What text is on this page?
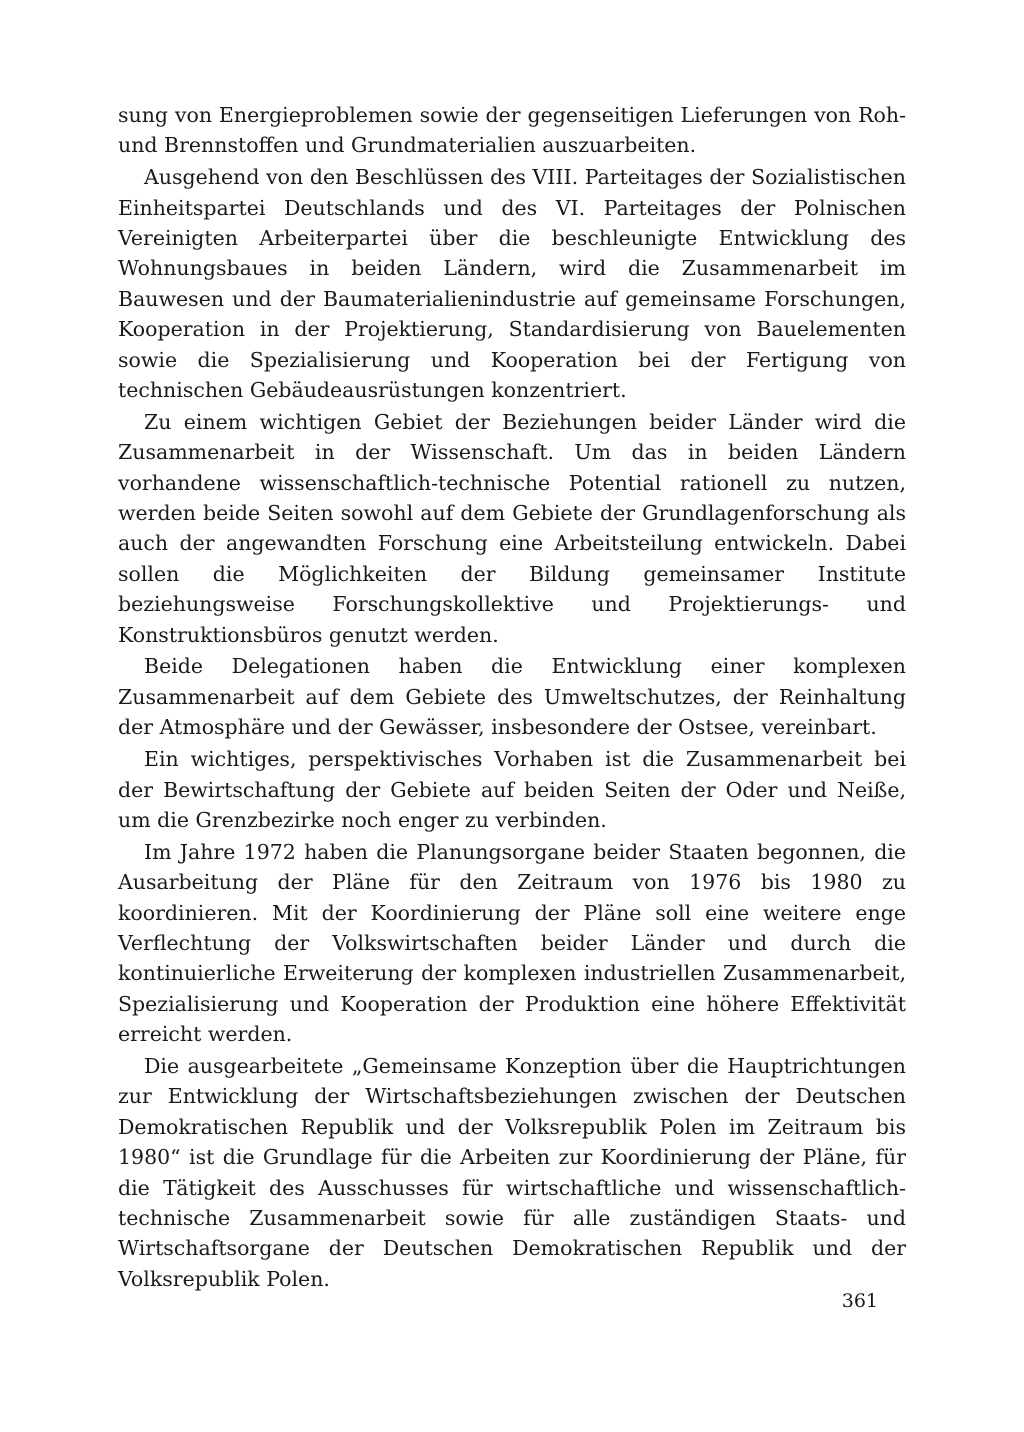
sung von Energieproblemen sowie der gegenseitigen Lieferungen von Roh- und Brennstoffen und Grundmaterialien auszuarbeiten.

Ausgehend von den Beschlüssen des VIII. Parteitages der Sozialistischen Einheitspartei Deutschlands und des VI. Parteitages der Polnischen Vereinigten Arbeiterpartei über die beschleunigte Entwicklung des Wohnungsbaues in beiden Ländern, wird die Zusammenarbeit im Bauwesen und der Baumaterialienindustrie auf gemeinsame Forschungen, Kooperation in der Projektierung, Standardisierung von Bauelementen sowie die Spezialisierung und Kooperation bei der Fertigung von technischen Gebäudeausrüstungen konzentriert.

Zu einem wichtigen Gebiet der Beziehungen beider Länder wird die Zusammenarbeit in der Wissenschaft. Um das in beiden Ländern vorhandene wissenschaftlich-technische Potential rationell zu nutzen, werden beide Seiten sowohl auf dem Gebiete der Grundlagenforschung als auch der angewandten Forschung eine Arbeitsteilung entwickeln. Dabei sollen die Möglichkeiten der Bildung gemeinsamer Institute beziehungsweise Forschungskollektive und Projektierungs- und Konstruktionsbüros genutzt werden.

Beide Delegationen haben die Entwicklung einer komplexen Zusammenarbeit auf dem Gebiete des Umweltschutzes, der Reinhaltung der Atmosphäre und der Gewässer, insbesondere der Ostsee, vereinbart.

Ein wichtiges, perspektivisches Vorhaben ist die Zusammenarbeit bei der Bewirtschaftung der Gebiete auf beiden Seiten der Oder und Neiße, um die Grenzbezirke noch enger zu verbinden.

Im Jahre 1972 haben die Planungsorgane beider Staaten begonnen, die Ausarbeitung der Pläne für den Zeitraum von 1976 bis 1980 zu koordinieren. Mit der Koordinierung der Pläne soll eine weitere enge Verflechtung der Volkswirtschaften beider Länder und durch die kontinuierliche Erweiterung der komplexen industriellen Zusammenarbeit, Spezialisierung und Kooperation der Produktion eine höhere Effektivität erreicht werden.

Die ausgearbeitete „Gemeinsame Konzeption über die Hauptrichtungen zur Entwicklung der Wirtschaftsbeziehungen zwischen der Deutschen Demokratischen Republik und der Volksrepublik Polen im Zeitraum bis 1980“ ist die Grundlage für die Arbeiten zur Koordinierung der Pläne, für die Tätigkeit des Ausschusses für wirtschaftliche und wissenschaftlich-technische Zusammenarbeit sowie für alle zuständigen Staats- und Wirtschaftsorgane der Deutschen Demokratischen Republik und der Volksrepublik Polen.

361
